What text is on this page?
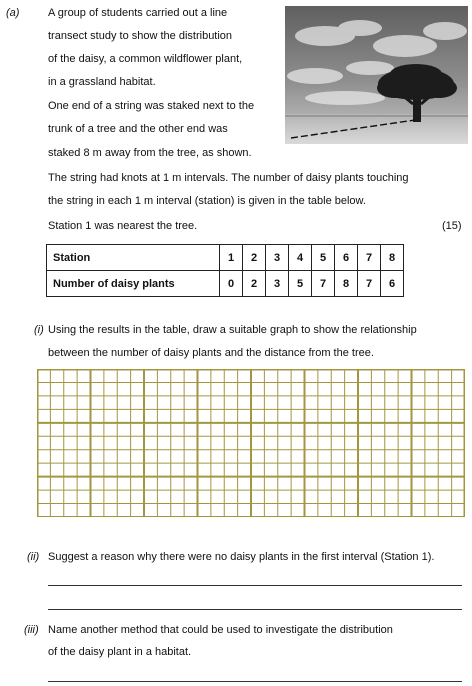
(a)	A group of students carried out a line
transect study to show the distribution
of the daisy, a common wildflower plant,
in a grassland habitat.
One end of a string was staked next to the
trunk of a tree and the other end was
staked 8 m away from the tree, as shown.
The string had knots at 1 m intervals. The number of daisy plants touching
the string in each 1 m interval (station) is given in the table below.
Station 1 was nearest the tree.	(15)
Station	1	2	3	4	5	6	7	8
Number of daisy plants	0	2	3	5	7	8	7	6
(i) Using the results in the table, draw a suitable graph to show the relationship
between the number of daisy plants and the distance from the tree.
(ii) Suggest a reason why there were no daisy plants in the first interval (Station 1).
(iii) Name another method that could be used to investigate the distribution
of the daisy plant in a habitat.
